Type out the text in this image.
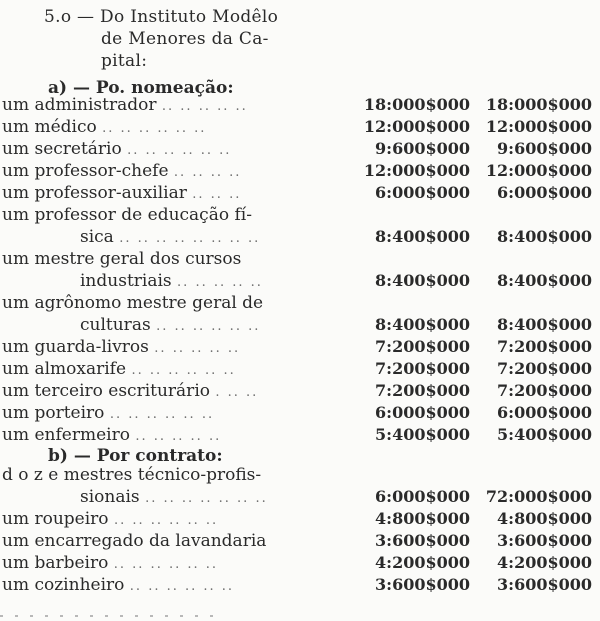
5.o — Do Instituto Modêlo
de Menores da Ca-
pital:
a) — Po. nomeação:
um administrador .. .. .. .. ..	18:000$000 18:000$000
um médico .. .. .. .. .. ..	12:000$000 12:000$000
um secretário .. .. .. .. .. ..	9:600$000 9:600$000
um professor-chefe .. .. .. ..	12:000$000 12:000$000
um professor-auxiliar .. .. ..	6:000$000 6:000$000
um professor de educação fí-
sica .. .. .. .. .. .. .. ..	8:400$000 8:400$000
um mestre geral dos cursos
industriais .. .. .. .. ..	8:400$000 8:400$000
um agrônomo mestre geral de
culturas .. .. .. .. .. ..	8:400$000 8:400$000
um guarda-livros .. .. .. .. ..	7:200$000 7:200$000
um almoxarife .. .. .. .. .. ..	7:200$000 7:200$000
um terceiro escriturário . .. ..	7:200$000 7:200$000
um porteiro .. .. .. .. .. ..	6:000$000 6:000$000
um enfermeiro .. .. .. .. ..	5:400$000 5:400$000
b) — Por contrato:
d o z e mestres técnico-profis-
sionais .. .. .. .. .. .. ..	6:000$000 72:000$000
um roupeiro .. .. .. .. .. ..	4:800$000 4:800$000
um encarregado da lavandaria	3:600$000 3:600$000
um barbeiro .. .. .. .. .. ..	4:200$000 4:200$000
um cozinheiro .. .. .. .. .. ..	3:600$000 3:600$000
